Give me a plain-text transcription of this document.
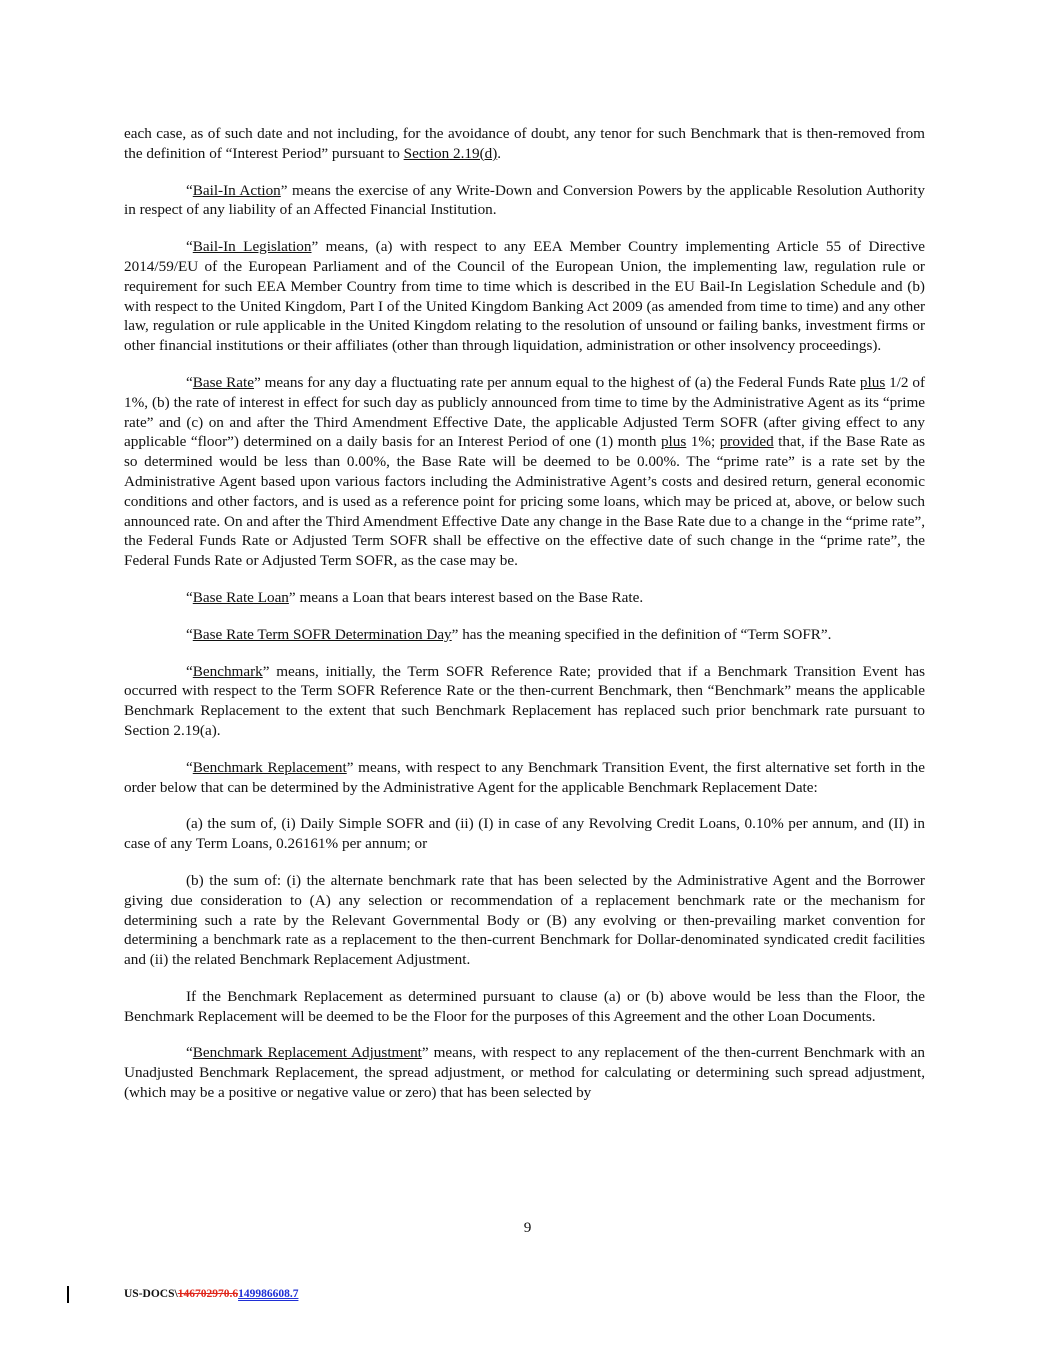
each case, as of such date and not including, for the avoidance of doubt, any tenor for such Benchmark that is then-removed from the definition of “Interest Period” pursuant to Section 2.19(d).

“Bail-In Action” means the exercise of any Write-Down and Conversion Powers by the applicable Resolution Authority in respect of any liability of an Affected Financial Institution.

“Bail-In Legislation” means, (a) with respect to any EEA Member Country implementing Article 55 of Directive 2014/59/EU of the European Parliament and of the Council of the European Union, the implementing law, regulation rule or requirement for such EEA Member Country from time to time which is described in the EU Bail-In Legislation Schedule and (b) with respect to the United Kingdom, Part I of the United Kingdom Banking Act 2009 (as amended from time to time) and any other law, regulation or rule applicable in the United Kingdom relating to the resolution of unsound or failing banks, investment firms or other financial institutions or their affiliates (other than through liquidation, administration or other insolvency proceedings).

“Base Rate” means for any day a fluctuating rate per annum equal to the highest of (a) the Federal Funds Rate plus 1/2 of 1%, (b) the rate of interest in effect for such day as publicly announced from time to time by the Administrative Agent as its “prime rate” and (c) on and after the Third Amendment Effective Date, the applicable Adjusted Term SOFR (after giving effect to any applicable “floor”) determined on a daily basis for an Interest Period of one (1) month plus 1%; provided that, if the Base Rate as so determined would be less than 0.00%, the Base Rate will be deemed to be 0.00%. The “prime rate” is a rate set by the Administrative Agent based upon various factors including the Administrative Agent’s costs and desired return, general economic conditions and other factors, and is used as a reference point for pricing some loans, which may be priced at, above, or below such announced rate. On and after the Third Amendment Effective Date any change in the Base Rate due to a change in the “prime rate”, the Federal Funds Rate or Adjusted Term SOFR shall be effective on the effective date of such change in the “prime rate”, the Federal Funds Rate or Adjusted Term SOFR, as the case may be.

“Base Rate Loan” means a Loan that bears interest based on the Base Rate.

“Base Rate Term SOFR Determination Day” has the meaning specified in the definition of “Term SOFR”.

“Benchmark” means, initially, the Term SOFR Reference Rate; provided that if a Benchmark Transition Event has occurred with respect to the Term SOFR Reference Rate or the then-current Benchmark, then “Benchmark” means the applicable Benchmark Replacement to the extent that such Benchmark Replacement has replaced such prior benchmark rate pursuant to Section 2.19(a).

“Benchmark Replacement” means, with respect to any Benchmark Transition Event, the first alternative set forth in the order below that can be determined by the Administrative Agent for the applicable Benchmark Replacement Date:

(a) the sum of, (i) Daily Simple SOFR and (ii) (I) in case of any Revolving Credit Loans, 0.10% per annum, and (II) in case of any Term Loans, 0.26161% per annum; or

(b) the sum of: (i) the alternate benchmark rate that has been selected by the Administrative Agent and the Borrower giving due consideration to (A) any selection or recommendation of a replacement benchmark rate or the mechanism for determining such a rate by the Relevant Governmental Body or (B) any evolving or then-prevailing market convention for determining a benchmark rate as a replacement to the then-current Benchmark for Dollar-denominated syndicated credit facilities and (ii) the related Benchmark Replacement Adjustment.

If the Benchmark Replacement as determined pursuant to clause (a) or (b) above would be less than the Floor, the Benchmark Replacement will be deemed to be the Floor for the purposes of this Agreement and the other Loan Documents.

“Benchmark Replacement Adjustment” means, with respect to any replacement of the then-current Benchmark with an Unadjusted Benchmark Replacement, the spread adjustment, or method for calculating or determining such spread adjustment, (which may be a positive or negative value or zero) that has been selected by

9
US-DOCS\146702970.6149986608.7
